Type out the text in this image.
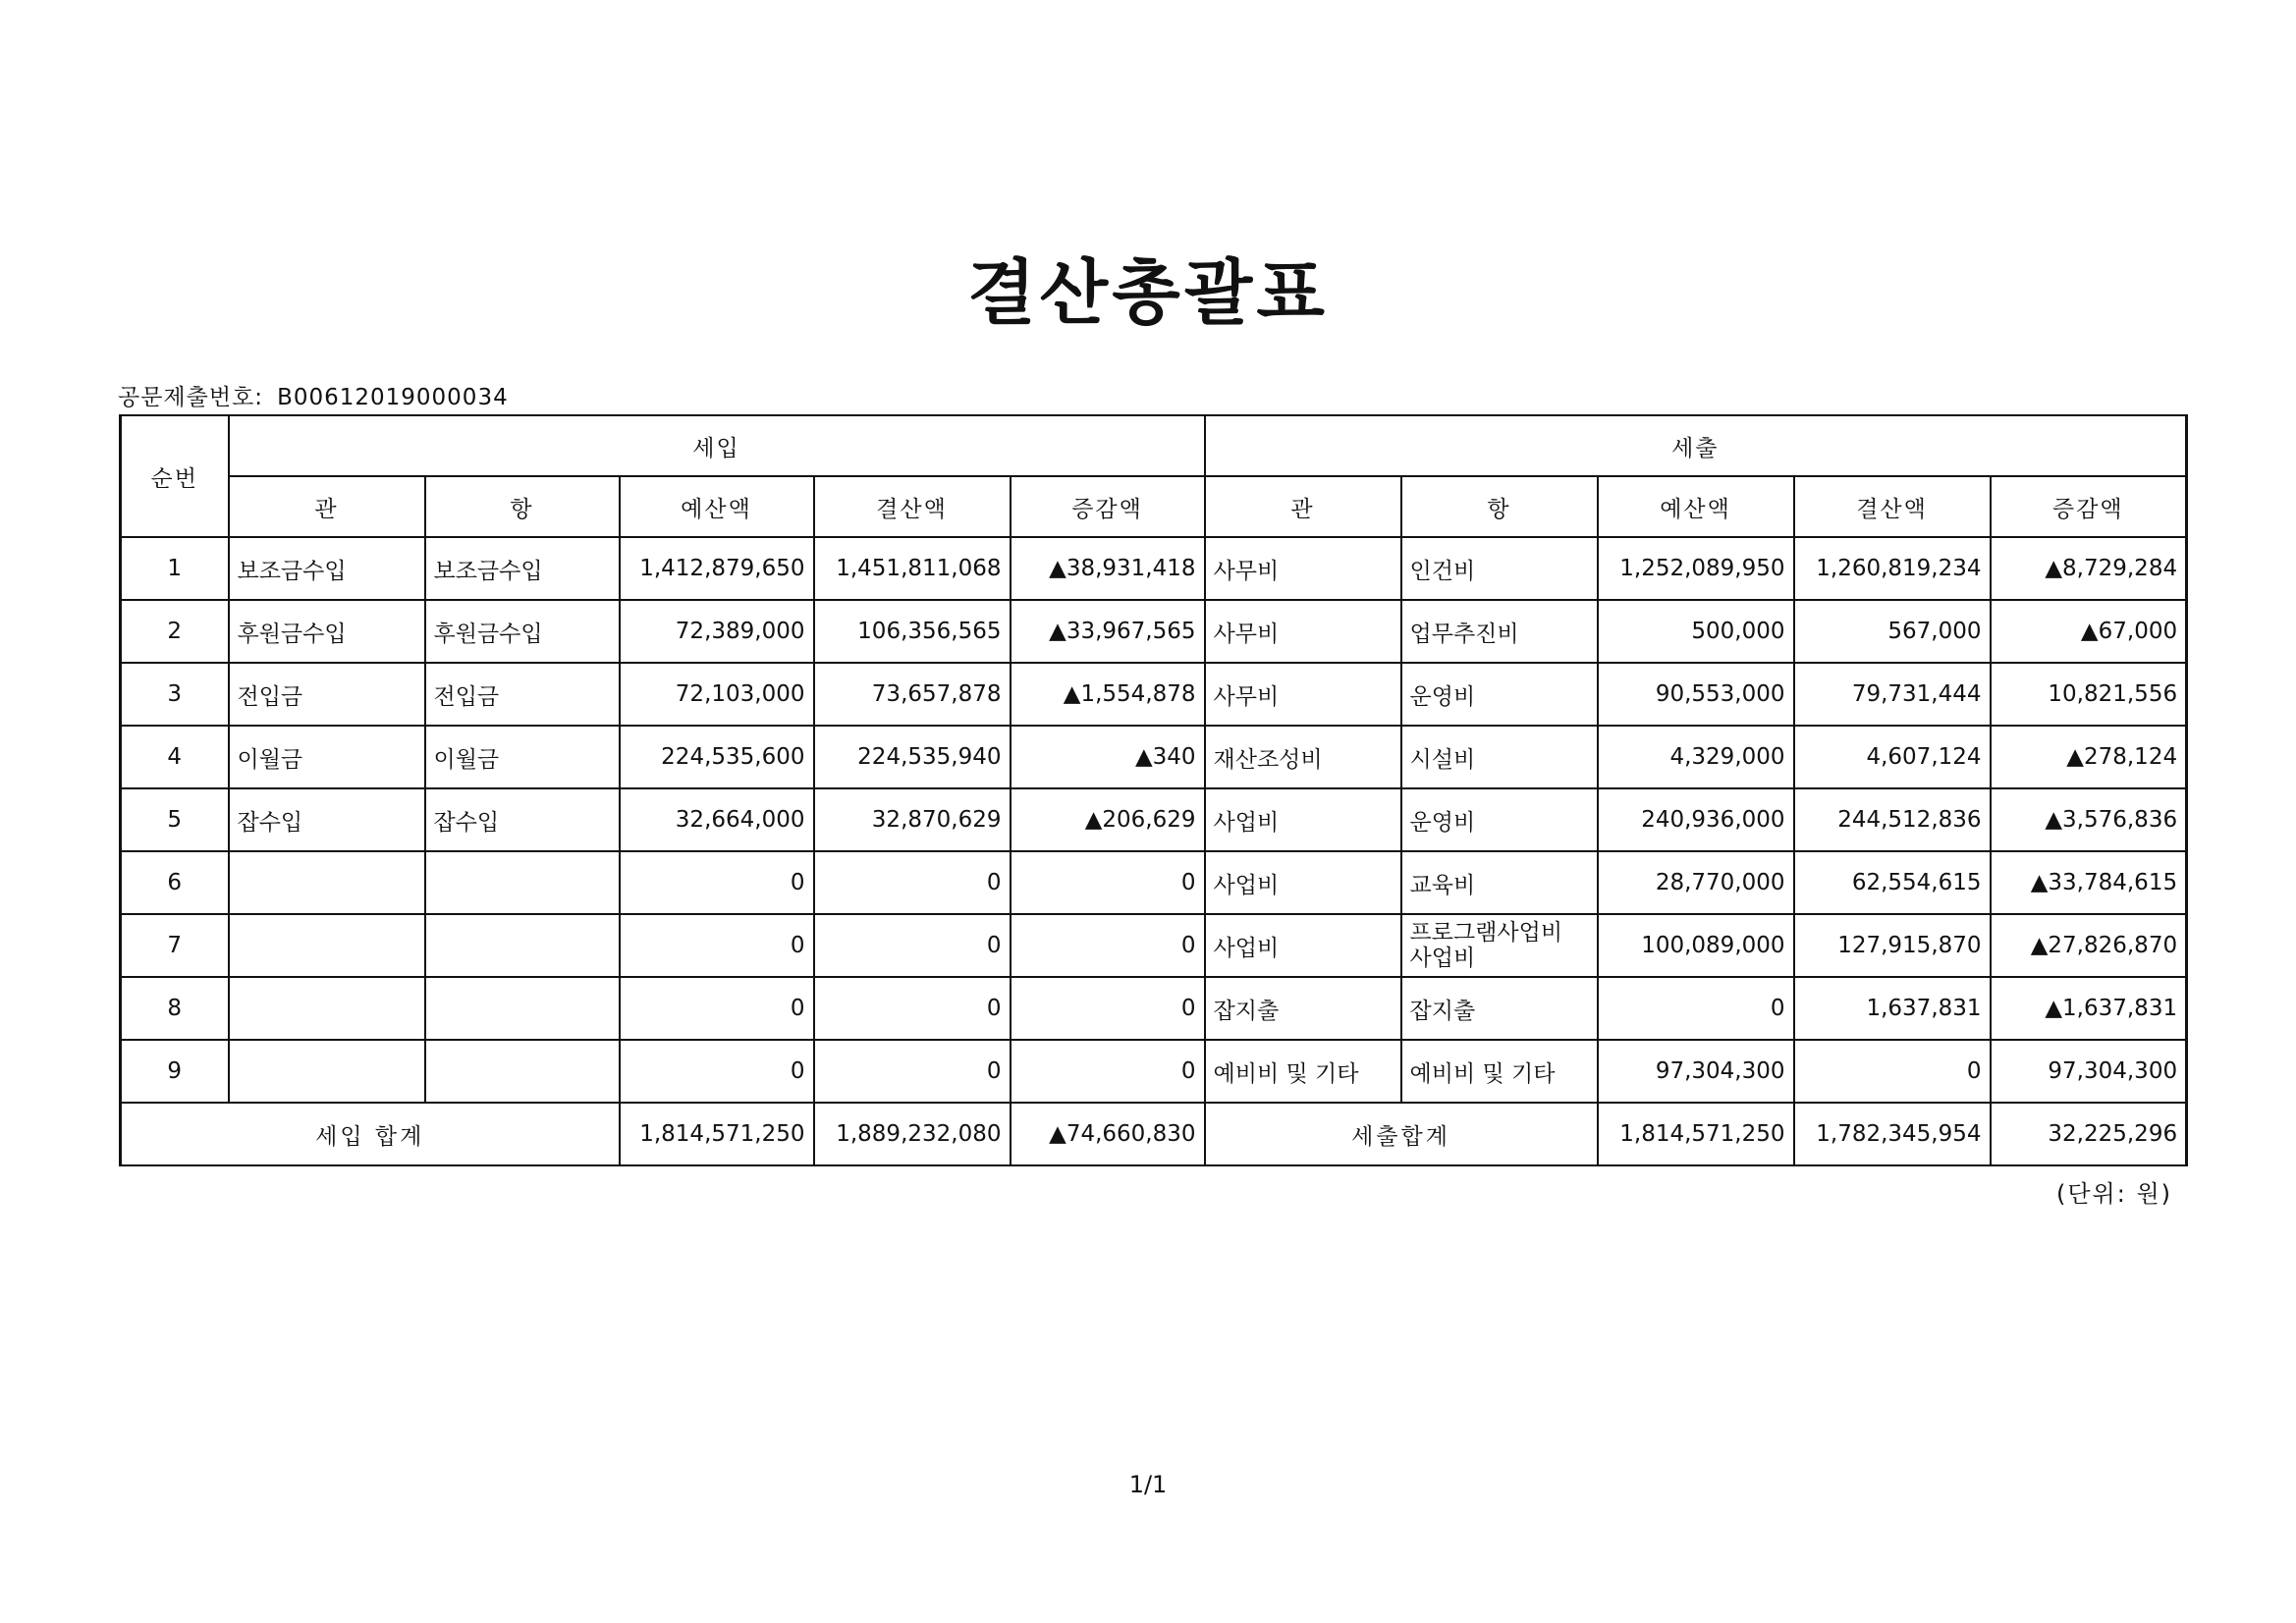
결산총괄표
공문제출번호: B00612019000034
순번	세입					세출				
	관	항	예산액	결산액	증감액	관	항	예산액	결산액	증감액
1	보조금수입	보조금수입	1,412,879,650	1,451,811,068	▲38,931,418	사무비	인건비	1,252,089,950	1,260,819,234	▲8,729,284
2	후원금수입	후원금수입	72,389,000	106,356,565	▲33,967,565	사무비	업무추진비	500,000	567,000	▲67,000
3	전입금	전입금	72,103,000	73,657,878	▲1,554,878	사무비	운영비	90,553,000	79,731,444	10,821,556
4	이월금	이월금	224,535,600	224,535,940	▲340	재산조성비	시설비	4,329,000	4,607,124	▲278,124
5	잡수입	잡수입	32,664,000	32,870,629	▲206,629	사업비	운영비	240,936,000	244,512,836	▲3,576,836
6			0	0	0	사업비	교육비	28,770,000	62,554,615	▲33,784,615
7			0	0	0	사업비	프로그램사업비 사업비	100,089,000	127,915,870	▲27,826,870
8			0	0	0	잡지출	잡지출	0	1,637,831	▲1,637,831
9			0	0	0	예비비 및 기타	예비비 및 기타	97,304,300	0	97,304,300
세입 합계			1,814,571,250	1,889,232,080	▲74,660,830	세출합계		1,814,571,250	1,782,345,954	32,225,296
(단위: 원)
1/1
